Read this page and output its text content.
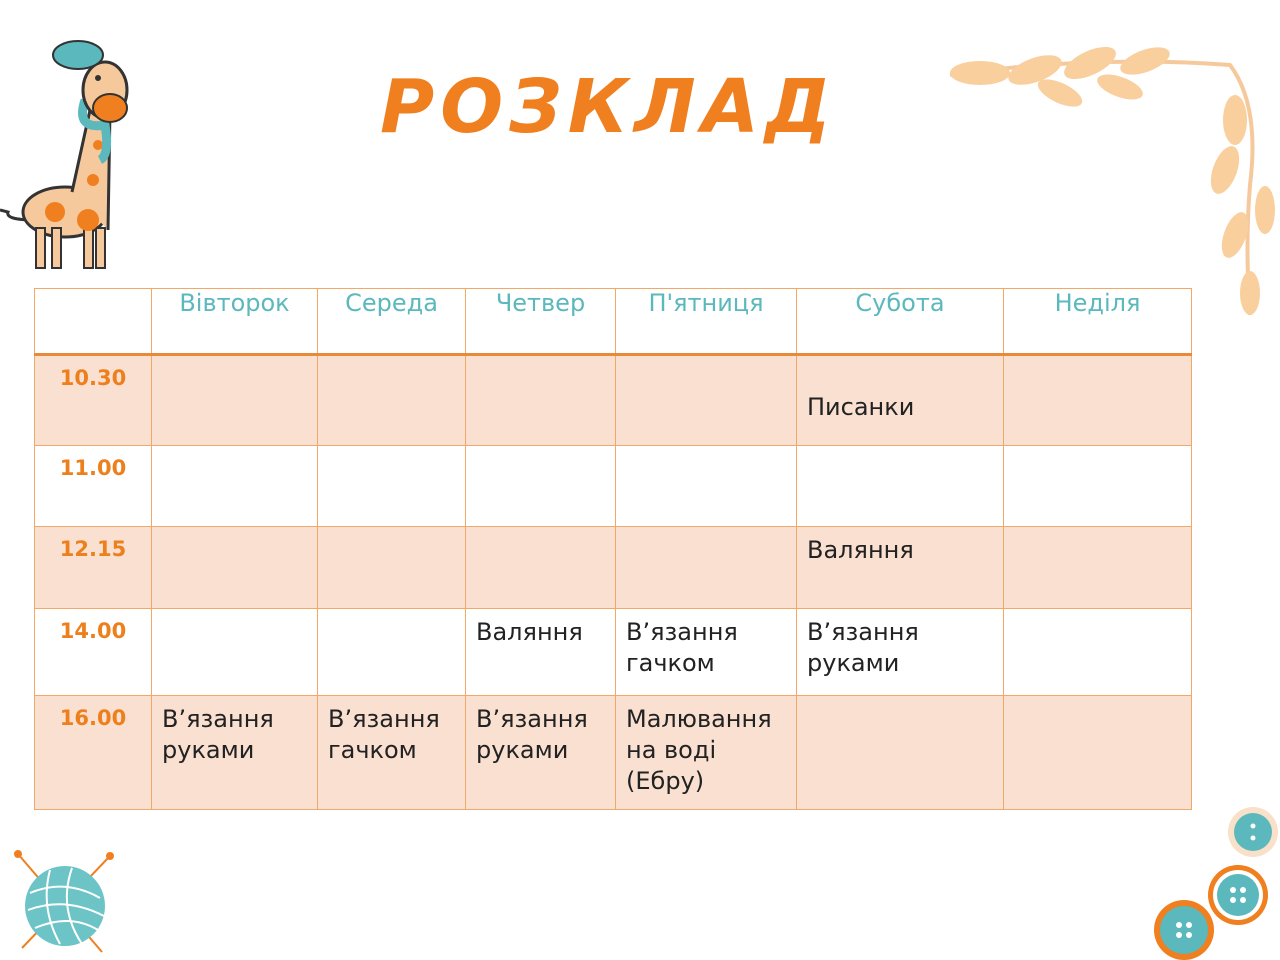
РОЗКЛАД
	Вівторок	Середа	Четвер	П'ятниця	Субота	Неділя
10.30					Писанки	
11.00						
12.15					Валяння	
14.00			Валяння	В’язання гачком	В’язання руками	
16.00	В’язання руками	В’язання гачком	В’язання руками	Малювання на воді (Ебру)		
